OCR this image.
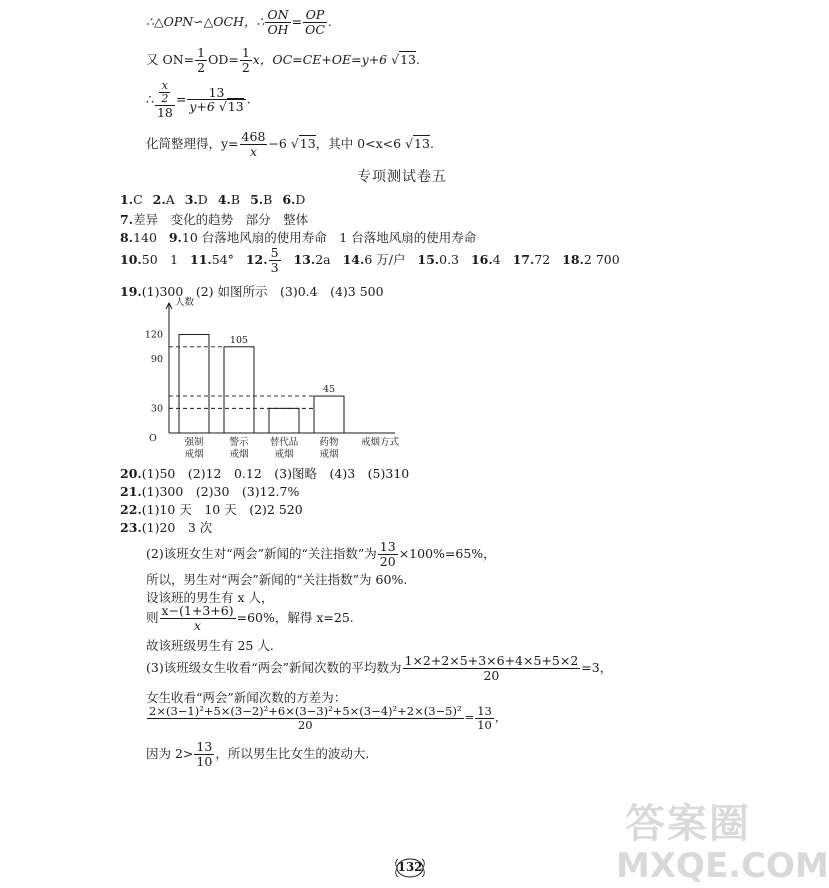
∴△OPN∽△OCH，∴ $\frac{ON}{OH} = \frac{OP}{OC}$ .
又 $ON= \frac{1}{2} OD= \frac{1}{2}$ x，OC=CE+OE=y+6 √13.
∴ $\frac{\frac{x}{2}}{18} = \frac{13}{y+6 √13}$ .
化简整理得，$y= \frac{468}{x} -6$ √13，其中 0<x<6 √13.
专项测试卷五
1.C 2.A 3.D 4.B 5.B 6.D
7.差异　变化的趋势　部分　整体
8.140 9.10 台落地风扇的使用寿命　1 台落地风扇的使用寿命
10.50　1 11.54° 12. $\frac{5}{3} 13.2a$ 14.6 万/户 15.0.3 16.4 17.72 18.2 700
19.(1)300　(2) 如图所示　(3)0.4　(4)3 500
人数
O	强制
戒烟
105
警示
戒烟
替代品
戒烟
45
药物
戒烟
戒烟方式
120
90
30
20.(1)50　(2)12　0.12　(3)图略　(4)3　(5)310
21.(1)300　(2)30　(3)12.7%
22.(1)10 天　10 天　(2)2 520
23.(1)20　3 次
(2)该班女生对“两会”新闻的“关注指数”为 $\frac{13}{20} \times 100\%=65\%$，
所以，男生对“两会”新闻的“关注指数”为 60%.
设该班的男生有 x 人，
则 $\frac{x-(1+3+6)}{x} =60\%$，解得 x=25.
故该班级男生有 25 人.
(3)该班级女生收看“两会”新闻次数的平均数为 $\frac{1\times 2+2\times 5+3\times 6+4\times 5+5\times 2}{20} =3$，
女生收看“两会”新闻次数的方差为：
$\frac{\text{2×(3−1)²+5×(3−2)²+6×(3−3)²+5×(3−4)²+2×(3−5)²}}{20} = \frac{13}{10}$ ，
因为 $2> \frac{13}{10}$ ，所以男生比女生的波动大.
132
答案圈
MXQE.COM
